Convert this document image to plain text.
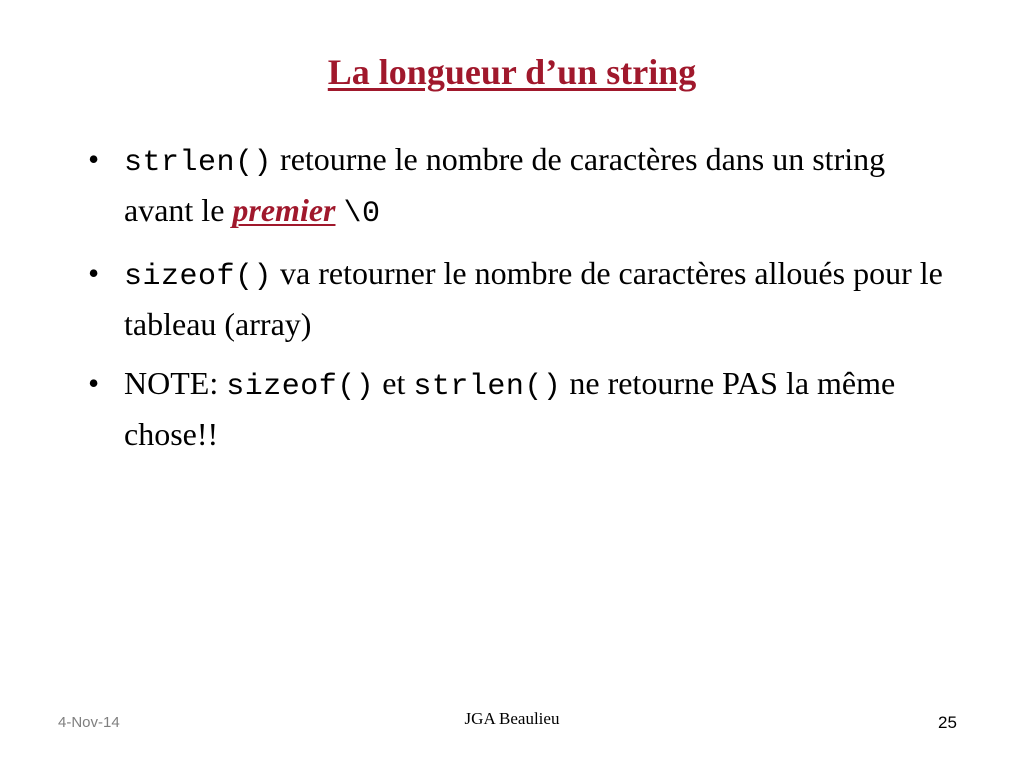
La longueur d’un string
• strlen() retourne le nombre de caractères dans un string avant le premier \0
• sizeof() va retourner le nombre de caractères alloués pour le tableau (array)
• NOTE: sizeof() et strlen() ne retourne PAS la même chose!!
4-Nov-14	JGA Beaulieu	25
